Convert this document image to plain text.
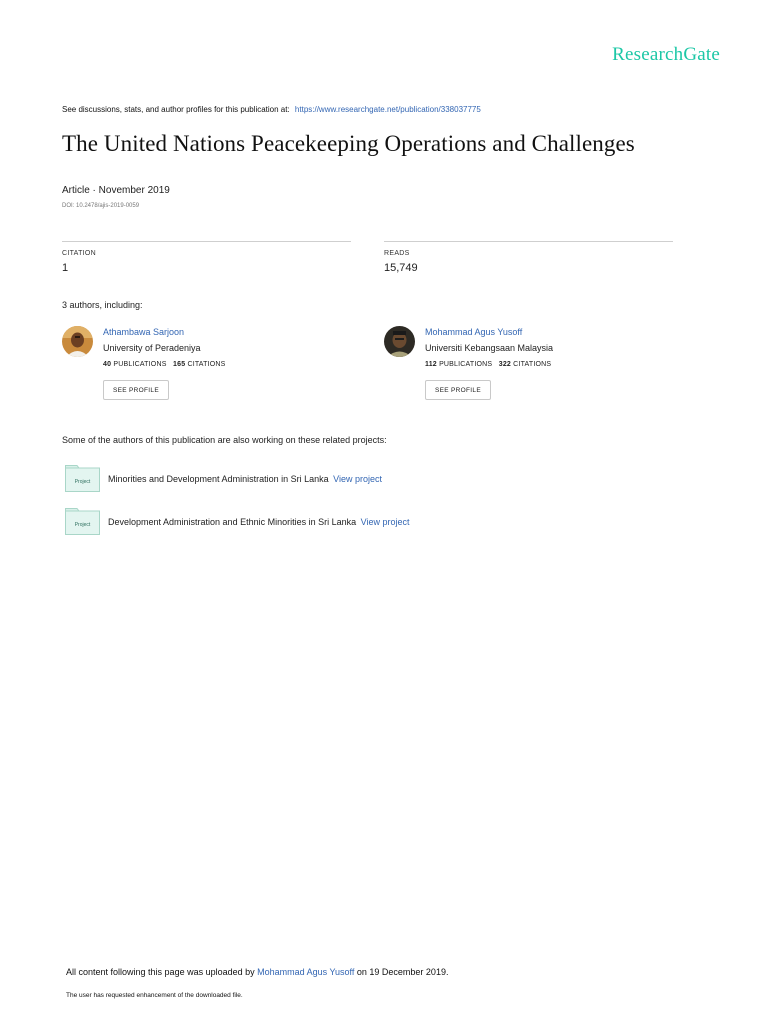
ResearchGate
See discussions, stats, and author profiles for this publication at: https://www.researchgate.net/publication/338037775
The United Nations Peacekeeping Operations and Challenges
Article · November 2019
DOI: 10.2478/ajis-2019-0059
CITATION
1
READS
15,749
3 authors, including:
Athambawa Sarjoon
University of Peradeniya
40 PUBLICATIONS 165 CITATIONS
SEE PROFILE
Mohammad Agus Yusoff
Universiti Kebangsaan Malaysia
112 PUBLICATIONS 322 CITATIONS
SEE PROFILE
Some of the authors of this publication are also working on these related projects:
Project Minorities and Development Administration in Sri Lanka View project
Project Development Administration and Ethnic Minorities in Sri Lanka View project
All content following this page was uploaded by Mohammad Agus Yusoff on 19 December 2019.
The user has requested enhancement of the downloaded file.
